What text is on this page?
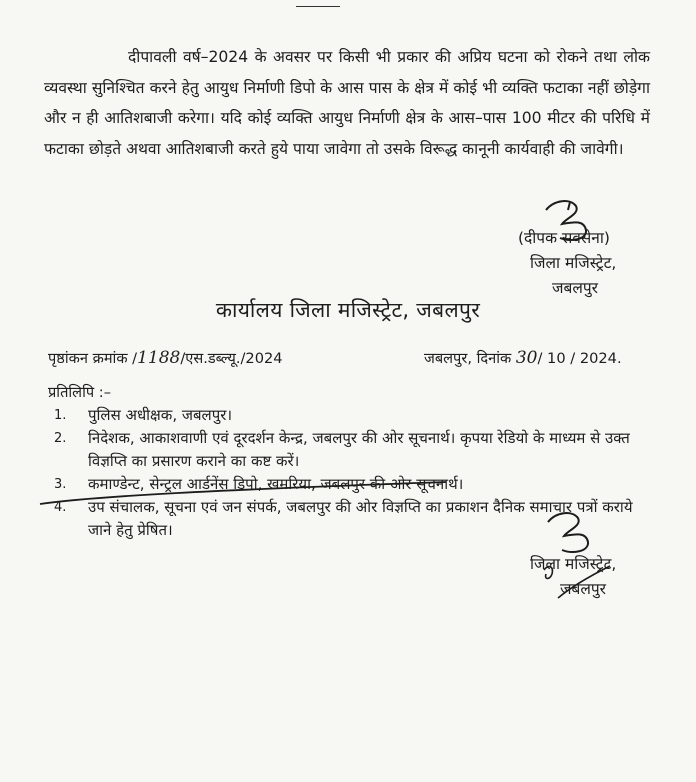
दीपावली वर्ष–2024 के अवसर पर किसी भी प्रकार की अप्रिय घटना को रोकने तथा लोक व्यवस्था सुनिश्चित करने हेतु आयुध निर्माणी डिपो के आस पास के क्षेत्र में कोई भी व्यक्ति फटाका नहीं छोड़ेगा और न ही आतिशबाजी करेगा। यदि कोई व्यक्ति आयुध निर्माणी क्षेत्र के आस–पास 100 मीटर की परिधि में फटाका छोड़ते अथवा आतिशबाजी करते हुये पाया जावेगा तो उसके विरूद्ध कानूनी कार्यवाही की जावेगी।

(दीपक सक्सेना)
जिला मजिस्ट्रेट,
जबलपुर
कार्यालय जिला मजिस्ट्रेट, जबलपुर
पृष्ठांकन क्रमांक /1188/एस.डब्ल्यू./2024	जबलपुर, दिनांक 30/ 10 / 2024.
प्रतिलिपि :–
1. पुलिस अधीक्षक, जबलपुर।
2. निदेशक, आकाशवाणी एवं दूरदर्शन केन्द्र, जबलपुर की ओर सूचनार्थ। कृपया रेडियो के माध्यम से उक्त विज्ञप्ति का प्रसारण कराने का कष्ट करें।
3. कमाण्डेन्ट, सेन्ट्रल आर्डनेंस डिपो, खमरिया, जबलपुर की ओर सूचनार्थ।
4. उप संचालक, सूचना एवं जन संपर्क, जबलपुर की ओर विज्ञप्ति का प्रकाशन दैनिक समाचार पत्रों कराये जाने हेतु प्रेषित।
जिला मजिस्ट्रेट,
जबलपुर
